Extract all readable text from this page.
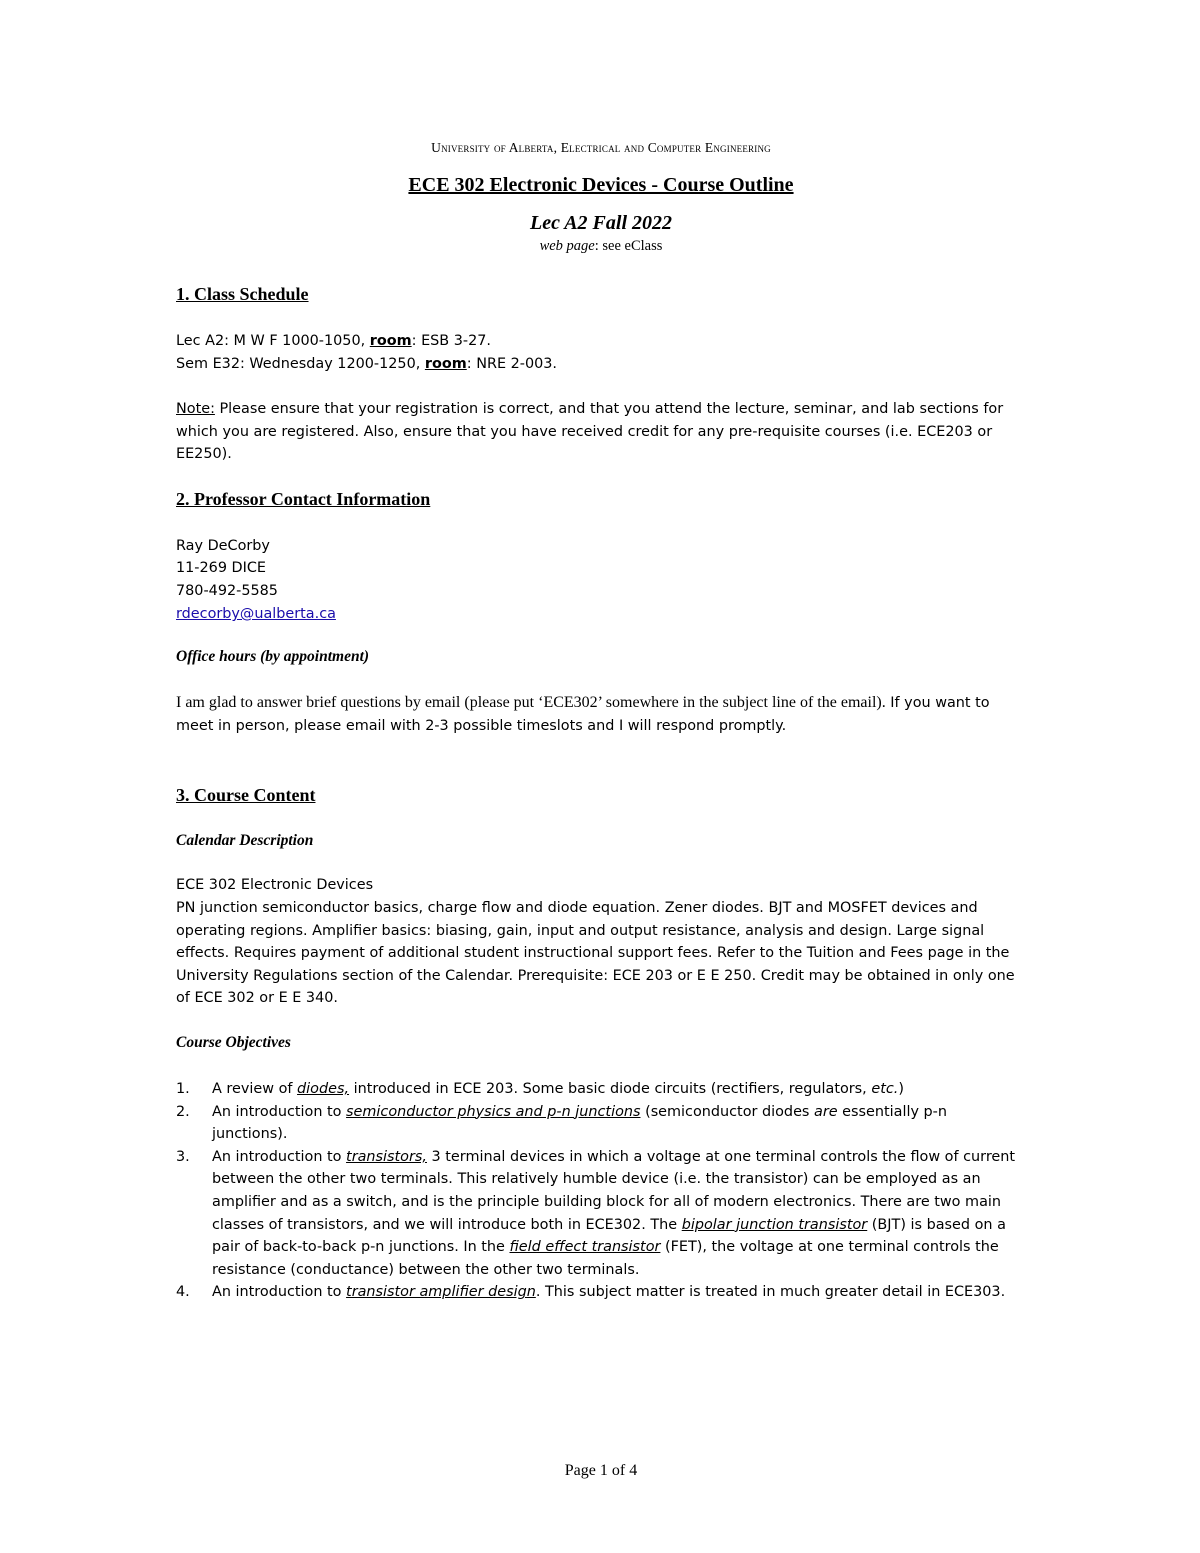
University of Alberta, Electrical and Computer Engineering
ECE 302 Electronic Devices - Course Outline
Lec A2 Fall 2022
web page: see eClass
1. Class Schedule
Lec A2: M W F 1000-1050, room: ESB 3-27.
Sem E32: Wednesday 1200-1250, room: NRE 2-003.
Note: Please ensure that your registration is correct, and that you attend the lecture, seminar, and lab sections for which you are registered. Also, ensure that you have received credit for any pre-requisite courses (i.e. ECE203 or EE250).
2. Professor Contact Information
Ray DeCorby
11-269 DICE
780-492-5585
rdecorby@ualberta.ca
Office hours (by appointment)
I am glad to answer brief questions by email (please put ‘ECE302’ somewhere in the subject line of the email). If you want to meet in person, please email with 2-3 possible timeslots and I will respond promptly.
3. Course Content
Calendar Description
ECE 302 Electronic Devices
PN junction semiconductor basics, charge flow and diode equation. Zener diodes. BJT and MOSFET devices and operating regions. Amplifier basics: biasing, gain, input and output resistance, analysis and design. Large signal effects. Requires payment of additional student instructional support fees. Refer to the Tuition and Fees page in the University Regulations section of the Calendar. Prerequisite: ECE 203 or E E 250. Credit may be obtained in only one of ECE 302 or E E 340.
Course Objectives
1. A review of diodes, introduced in ECE 203. Some basic diode circuits (rectifiers, regulators, etc.)
2. An introduction to semiconductor physics and p-n junctions (semiconductor diodes are essentially p-n junctions).
3. An introduction to transistors, 3 terminal devices in which a voltage at one terminal controls the flow of current between the other two terminals. This relatively humble device (i.e. the transistor) can be employed as an amplifier and as a switch, and is the principle building block for all of modern electronics. There are two main classes of transistors, and we will introduce both in ECE302. The bipolar junction transistor (BJT) is based on a pair of back-to-back p-n junctions. In the field effect transistor (FET), the voltage at one terminal controls the resistance (conductance) between the other two terminals.
4. An introduction to transistor amplifier design. This subject matter is treated in much greater detail in ECE303.
Page 1 of 4
